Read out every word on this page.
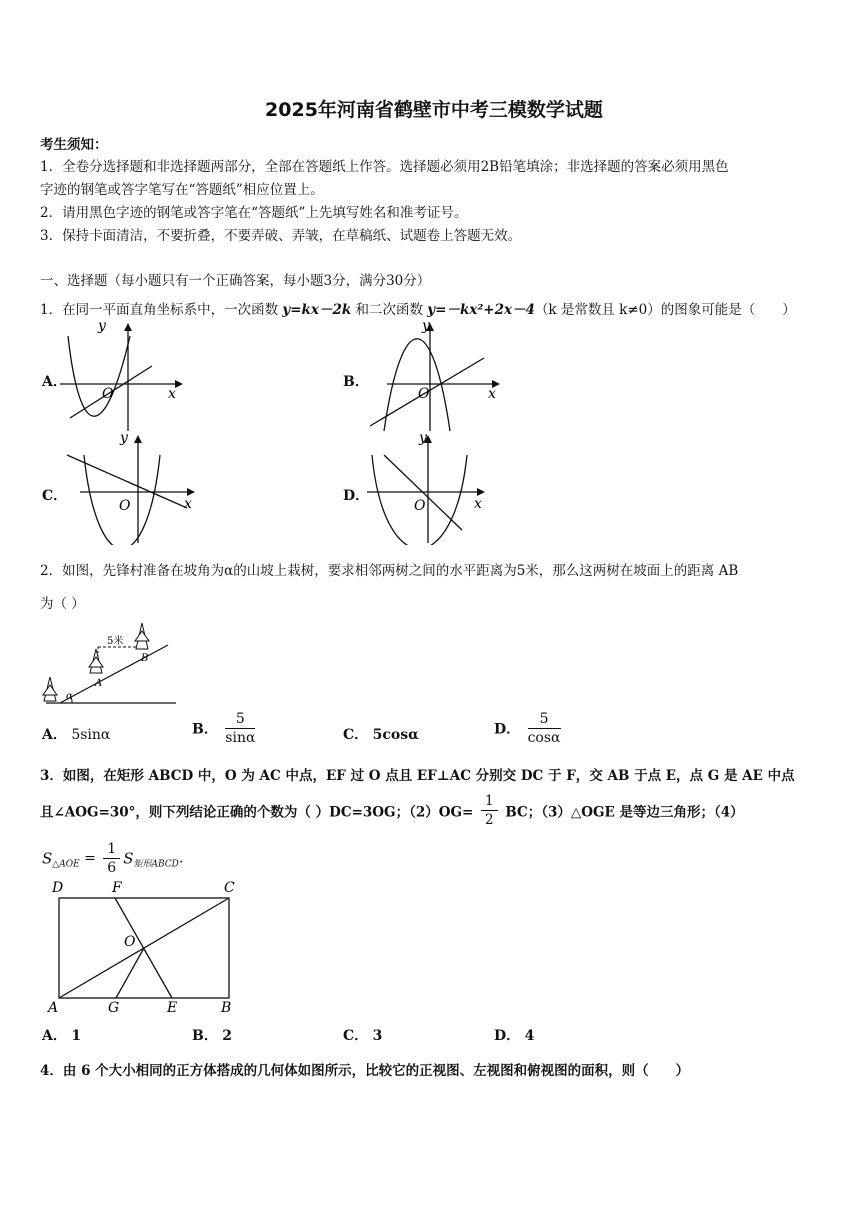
2025年河南省鹤壁市中考三模数学试题
考生须知：
1．全卷分选择题和非选择题两部分，全部在答题纸上作答。选择题必须用2B铅笔填涂；非选择题的答案必须用黑色
字迹的钢笔或答字笔写在“答题纸”相应位置上。
2．请用黑色字迹的钢笔或答字笔在“答题纸”上先填写姓名和准考证号。
3．保持卡面清洁，不要折叠，不要弄破、弄皱，在草稿纸、试题卷上答题无效。
一、选择题（每小题只有一个正确答案，每小题3分，满分30分）
1．在同一平面直角坐标系中，一次函数 y=kx－2k 和二次函数 y=－kx²+2x－4（k 是常数且 k≠0）的图象可能是（　　）
A．	B．
C．	D．
O
y
x	O
y
x
O
y
x	O
y
x
2．如图，先锋村准备在坡角为α的山坡上栽树，要求相邻两树之间的水平距离为5米，那么这两树在坡面上的距离 AB
为（ ）
5米
A
B
α
A． 5sinα	B． $\frac{5}{\sin\alpha}$	C． 5cosα	D． $\frac{5}{\cos\alpha}$
3．如图，在矩形 ABCD 中，O 为 AC 中点，EF 过 O 点且 EF⊥AC 分别交 DC 于 F，交 AB 于点 E，点 G 是 AE 中点
且∠AOG=30°，则下列结论正确的个数为（ ）DC=3OG；$(2)OG= \frac{1}{2}$ BC；（3）△OGE 是等边三角形；（4）
$S_{\triangle AOE} = \frac{1}{6} S_{矩形ABCD}$.
D	F	C
O
A	G	E	B
A． 1	B． 2	C． 3	D． 4
4．由 6 个大小相同的正方体搭成的几何体如图所示，比较它的正视图、左视图和俯视图的面积，则（　　）
